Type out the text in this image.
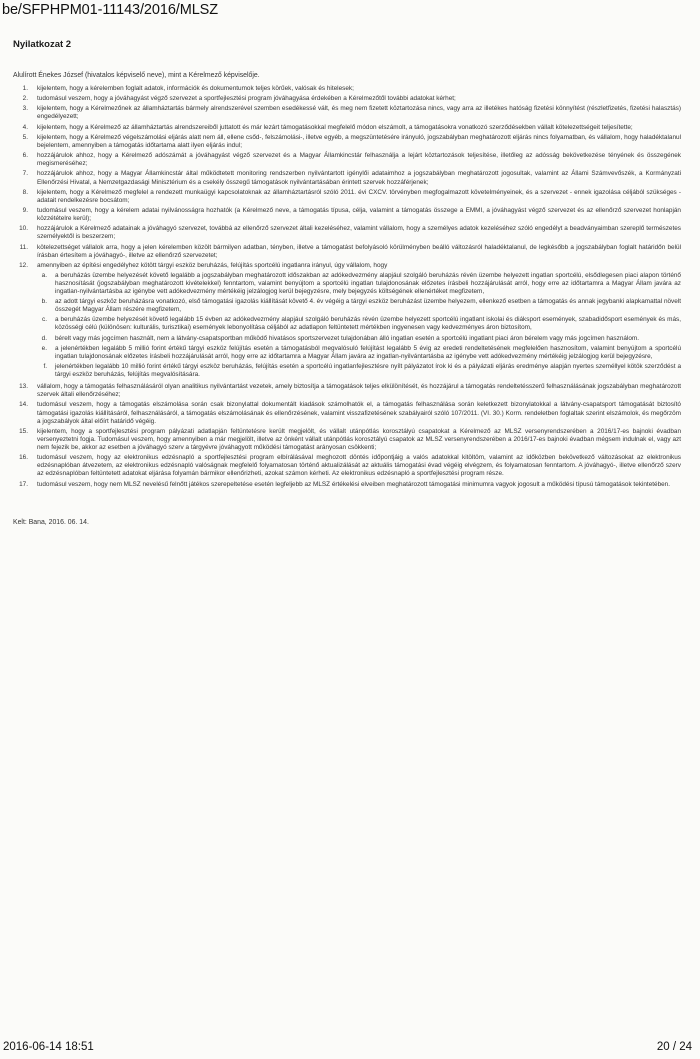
be/SFPHPM01-11143/2016/MLSZ
Nyilatkozat 2
Alulírott Énekes József (hivatalos képviselő neve), mint a Kérelmező képviselője.
1.	kijelentem, hogy a kérelemben foglalt adatok, információk és dokumentumok teljes körűek, valósak és hitelesek;
2.	tudomásul veszem, hogy a jóváhagyást végző szervezet a sportfejlesztési program jóváhagyása érdekében a Kérelmezőtől további adatokat kérhet;
3.	kijelentem, hogy a Kérelmezőnek az államháztartás bármely alrendszerével szemben esedékessé vált, és meg nem fizetett köztartozása nincs, vagy arra az illetékes hatóság fizetési könnyítést (részletfizetés, fizetési halasztás) engedélyezett;
4.	kijelentem, hogy a Kérelmező az államháztartás alrendszereiből juttatott és már lezárt támogatásokkal megfelelő módon elszámolt, a támogatásokra vonatkozó szerződésekben vállalt kötelezettségeit teljesítette;
5.	kijelentem, hogy a Kérelmező végelszámolási eljárás alatt nem áll, ellene csőd-, felszámolási-, illetve egyéb, a megszüntetésére irányuló, jogszabályban meghatározott eljárás nincs folyamatban, és vállalom, hogy haladéktalanul bejelentem, amennyiben a támogatás időtartama alatt ilyen eljárás indul;
6.	hozzájárulok ahhoz, hogy a Kérelmező adószámát a jóváhagyást végző szervezet és a Magyar Államkincstár felhasználja a lejárt köztartozások teljesítése, illetőleg az adósság bekövetkezése tényének és összegének megismeréséhez;
7.	hozzájárulok ahhoz, hogy a Magyar Államkincstár által működtetett monitoring rendszerben nyilvántartott igénylői adataimhoz a jogszabályban meghatározott jogosultak, valamint az Állami Számvevőszék, a Kormányzati Ellenőrzési Hivatal, a Nemzetgazdasági Minisztérium és a csekély összegű támogatások nyilvántartásában érintett szervek hozzáférjenek;
8.	kijelentem, hogy a Kérelmező megfelel a rendezett munkaügyi kapcsolatoknak az államháztartásról szóló 2011. évi CXCV. törvényben megfogalmazott követelményeinek, és a szervezet - ennek igazolása céljából szükséges - adatait rendelkezésre bocsátom;
9.	tudomásul veszem, hogy a kérelem adatai nyilvánosságra hozhatók (a Kérelmező neve, a támogatás típusa, célja, valamint a támogatás összege a EMMI, a jóváhagyást végző szervezet és az ellenőrző szervezet honlapján közzétételre kerül);
10.	hozzájárulok a Kérelmező adatainak a jóváhagyó szervezet, továbbá az ellenőrző szervezet általi kezeléséhez, valamint vállalom, hogy a személyes adatok kezeléséhez szóló engedélyt a beadványaimban szereplő természetes személyektől is beszerzem;
11.	kötelezettséget vállalok arra, hogy a jelen kérelemben közölt bármilyen adatban, tényben, illetve a támogatást befolyásoló körülményben beálló változásról haladéktalanul, de legkésőbb a jogszabályban foglalt határidőn belül írásban értesítem a jóváhagyó-, illetve az ellenőrző szervezetet;
12.	amennyiben az építési engedélyhez kötött tárgyi eszköz beruházás, felújítás sportcélú ingatlanra irányul, úgy vállalom, hogy
a.	a beruházás üzembe helyezését követő legalább a jogszabályban meghatározott időszakban az adókedvezmény alapjául szolgáló beruházás révén üzembe helyezett ingatlan sportcélú, elsődlegesen piaci alapon történő hasznosítását (jogszabályban meghatározott kivételekkel) fenntartom, valamint benyújtom a sportcélú ingatlan tulajdonosának előzetes írásbeli hozzájárulását arról, hogy erre az időtartamra a Magyar Állam javára az ingatlan-nyilvántartásba az igénybe vett adókedvezmény mértékéig jelzálogjog kerül bejegyzésre, mely bejegyzés költségének ellenértéket megfizetem,
b.	az adott tárgyi eszköz beruházásra vonatkozó, első támogatási igazolás kiállítását követő 4. év végéig a tárgyi eszköz beruházást üzembe helyezem, ellenkező esetben a támogatás és annak jegybanki alapkamattal növelt összegét Magyar Állam részére megfizetem,
c.	a beruházás üzembe helyezését követő legalább 15 évben az adókedvezmény alapjául szolgáló beruházás révén üzembe helyezett sportcélú ingatlant iskolai és diáksport események, szabadidősport események és más, közösségi célú (különösen: kulturális, turisztikai) események lebonyolítása céljából az adatlapon feltüntetett mértékben ingyenesen vagy kedvezményes áron biztosítom,
d.	bérelt vagy más jogcímen használt, nem a látvány-csapatsportban működő hivatásos sportszervezet tulajdonában álló ingatlan esetén a sportcélú ingatlant piaci áron bérelem vagy más jogcímen használom.
e.	a jelenértékben legalább 5 millió forint értékű tárgyi eszköz felújítás esetén a támogatásból megvalósuló felújítást legalább 5 évig az eredeti rendeltetésének megfelelően hasznosítom, valamint benyújtom a sportcélú ingatlan tulajdonosának előzetes írásbeli hozzájárulását arról, hogy erre az időtartamra a Magyar Állam javára az ingatlan-nyilvántartásba az igénybe vett adókedvezmény mértékéig jelzálogjog kerül bejegyzésre,
f.	jelenértékben legalább 10 millió forint értékű tárgyi eszköz beruházás, felújítás esetén a sportcélú ingatlanfejlesztésre nyílt pályázatot írok ki és a pályázati eljárás eredménye alapján nyertes személlyel kötök szerződést a tárgyi eszköz beruházás, felújítás megvalósítására.
13.	vállalom, hogy a támogatás felhasználásáról olyan analitikus nyilvántartást vezetek, amely biztosítja a támogatások teljes elkülönítését, és hozzájárul a támogatás rendeltetésszerű felhasználásának jogszabályban meghatározott szervek általi ellenőrzéséhez;
14.	tudomásul veszem, hogy a támogatás elszámolása során csak bizonylattal dokumentált kiadások számolhatók el, a támogatás felhasználása során keletkezett bizonylatokkal a látvány-csapatsport támogatását biztosító támogatási igazolás kiállításáról, felhasználásáról, a támogatás elszámolásának és ellenőrzésének, valamint visszafizetésének szabályairól szóló 107/2011. (VI. 30.) Korm. rendeletben foglaltak szerint elszámolok, és megőrzöm a jogszabályok által előírt határidő végéig.
15.	kijelentem, hogy a sportfejlesztési program pályázati adatlapján feltüntetésre került megjelölt, és vállalt utánpótlás korosztályú csapatokat a Kérelmező az MLSZ versenyrendszerében a 2016/17-es bajnoki évadban versenyeztetni fogja. Tudomásul veszem, hogy amennyiben a már megjelölt, illetve az önként vállalt utánpótlás korosztályú csapatok az MLSZ versenyrendszerében a 2016/17-es bajnoki évadban mégsem indulnak el, vagy azt nem fejezik be, akkor az esetben a jóváhagyó szerv a tárgyévre jóváhagyott működési támogatást arányosan csökkenti;
16.	tudomásul veszem, hogy az elektronikus edzésnapló a sportfejlesztési program elbírálásával meghozott döntés időpontjáig a valós adatokkal kitöltöm, valamint az időközben bekövetkező változásokat az elektronikus edzésnaplóban átvezetem, az elektronikus edzésnapló valóságnak megfelelő folyamatosan történő aktualizálását az aktuális támogatási évad végéig elvégzem, és folyamatosan fenntartom. A jóváhagyó-, illetve ellenőrző szerv az edzésnaplóban feltüntetett adatokat eljárása folyamán bármikor ellenőrizheti, azokat számon kérheti. Az elektronikus edzésnapló a sportfejlesztési program része.
17.	tudomásul veszem, hogy nem MLSZ nevelésű felnőtt játékos szerepeltetése esetén legfeljebb az MLSZ értékelési elveiben meghatározott támogatási minimumra vagyok jogosult a működési típusú támogatások tekintetében.
Kelt: Bana, 2016. 06. 14.
2016-06-14 18:51	20 / 24
